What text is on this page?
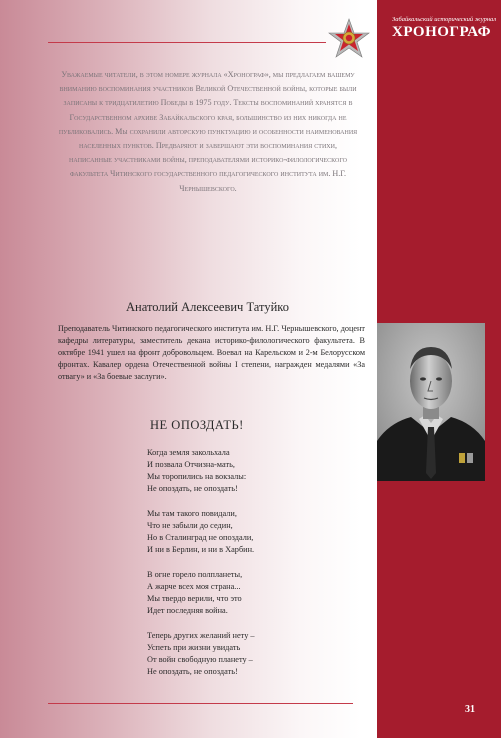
Забайкальский исторический журнал
ХРОНОГРАФ
Уважаемые читатели, в этом номере журнала «Хронограф», мы предлагаем вашему вниманию воспоминания участников Великой Отечественной войны, которые были записаны к тридцатилетию Победы в 1975 году. Тексты воспоминаний хранятся в Государственном архиве Забайкальского края, большинство из них никогда не публиковались. Мы сохранили авторскую пунктуацию и особенности наименования населенных пунктов. Предваряют и завершают эти воспоминания стихи, написанные участниками войны, преподавателями историко-филологического факультета Читинского государственного педагогического института им. Н.Г. Чернышевского.
Анатолий Алексеевич Татуйко
Преподаватель Читинского педагогического института им. Н.Г. Чернышевского, доцент кафедры литературы, заместитель декана историко-филологического факультета. В октябре 1941 ушел на фронт добровольцем. Воевал на Карельском и 2-м Белорусском фронтах. Кавалер ордена Отечественной войны I степени, награжден медалями «За отвагу» и «За боевые заслуги».
НЕ ОПОЗДАТЬ!
Когда земля закольхала
И позвала Отчизна-мать,
Мы торопились на вокзалы:
Не опоздать, не опоздать!
Мы там такого повидали,
Что не забыли до седин,
Но в Сталинград не опоздали,
И ни в Берлин, и ни в Харбин.
В огне горело полпланеты,
А жарче всех моя страна...
Мы твердо верили, что это
Идет последняя война.
Теперь других желаний нету –
Успеть при жизни увидать
От войн свободную планету –
Не опоздать, не опоздать!
31
